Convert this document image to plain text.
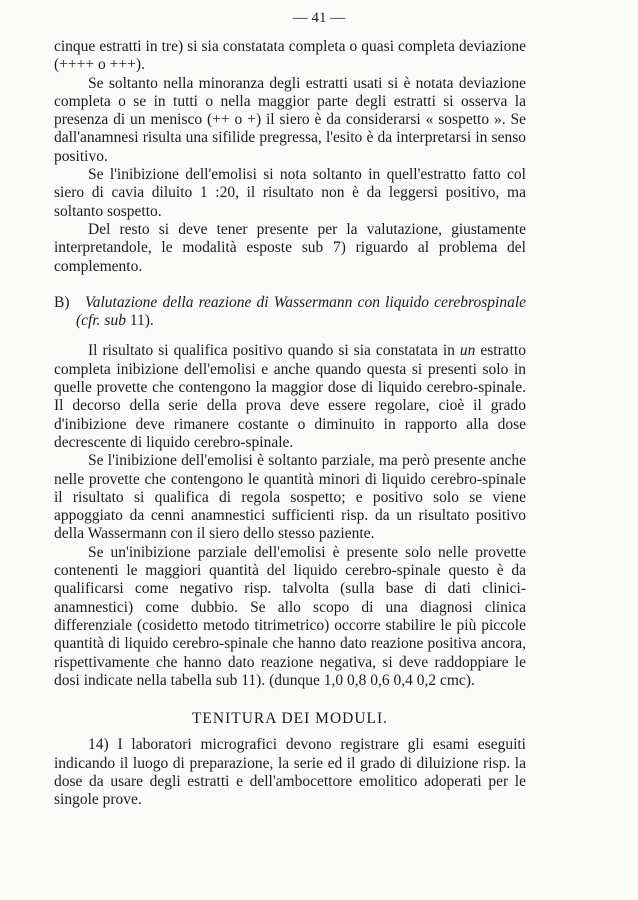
— 41 —

cinque estratti in tre) si sia constatata completa o quasi completa deviazione (++++ o +++).

Se soltanto nella minoranza degli estratti usati si è notata deviazione completa o se in tutti o nella maggior parte degli estratti si osserva la presenza di un menisco (++ o +) il siero è da considerarsi « sospetto ». Se dall'anamnesi risulta una sifilide pregressa, l'esito è da interpretarsi in senso positivo.

Se l'inibizione dell'emolisi si nota soltanto in quell'estratto fatto col siero di cavia diluito 1 :20, il risultato non è da leggersi positivo, ma soltanto sospetto.

Del resto si deve tener presente per la valutazione, giustamente interpretandole, le modalità esposte sub 7) riguardo al problema del complemento.

B) Valutazione della reazione di Wassermann con liquido cerebrospinale (cfr. sub 11).

Il risultato si qualifica positivo quando si sia constatata in un estratto completa inibizione dell'emolisi e anche quando questa si presenti solo in quelle provette che contengono la maggior dose di liquido cerebro-spinale. Il decorso della serie della prova deve essere regolare, cioè il grado d'inibizione deve rimanere costante o diminuito in rapporto alla dose decrescente di liquido cerebro-spinale.

Se l'inibizione dell'emolisi è soltanto parziale, ma però presente anche nelle provette che contengono le quantità minori di liquido cerebro-spinale il risultato si qualifica di regola sospetto; e positivo solo se viene appoggiato da cenni anamnestici sufficienti risp. da un risultato positivo della Wassermann con il siero dello stesso paziente.

Se un'inibizione parziale dell'emolisi è presente solo nelle provette contenenti le maggiori quantità del liquido cerebro-spinale questo è da qualificarsi come negativo risp. talvolta (sulla base di dati clinici-anamnestici) come dubbio. Se allo scopo di una diagnosi clinica differenziale (cosidetto metodo titrimetrico) occorre stabilire le più piccole quantità di liquido cerebro-spinale che hanno dato reazione positiva ancora, rispettivamente che hanno dato reazione negativa, si deve raddoppiare le dosi indicate nella tabella sub 11). (dunque 1,0 0,8 0,6 0,4 0,2 cmc).

TENITURA DEI MODULI.

14) I laboratori micrografici devono registrare gli esami eseguiti indicando il luogo di preparazione, la serie ed il grado di diluizione risp. la dose da usare degli estratti e dell'ambocettore emolitico adoperati per le singole prove.
